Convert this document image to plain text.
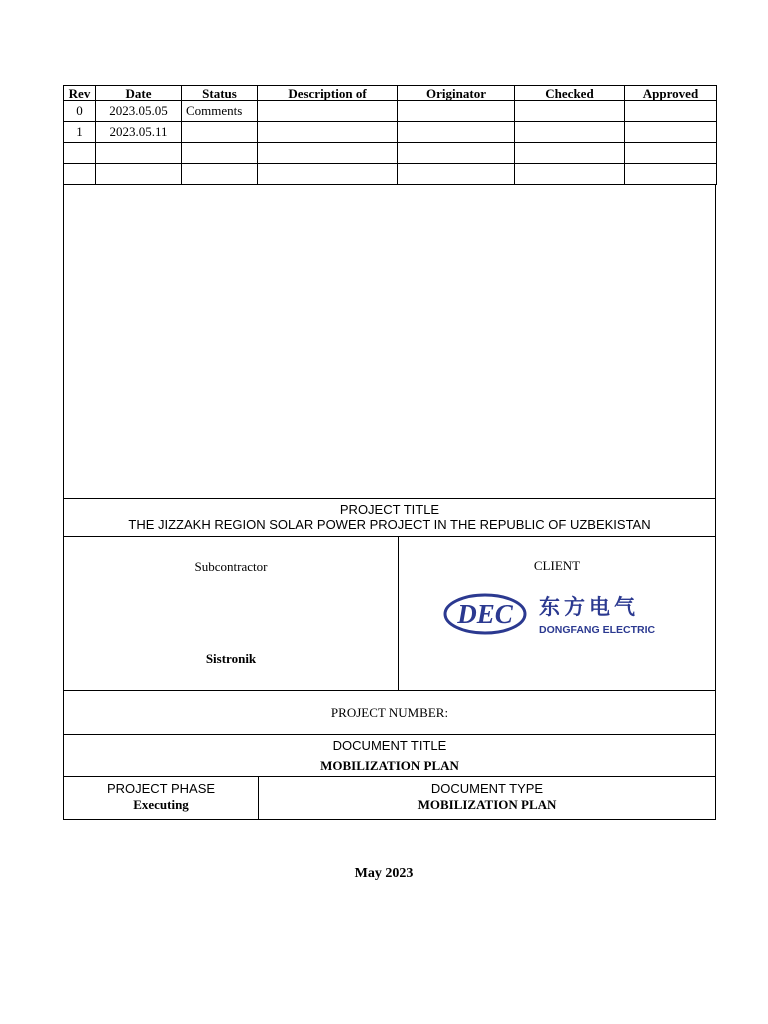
Rev	Date	Status	Description of	Originator	Checked	Approved
0	2023.05.05	Comments				
1	2023.05.11					

PROJECT TITLE
THE JIZZAKH REGION SOLAR POWER PROJECT IN THE REPUBLIC OF UZBEKISTAN
Subcontractor
Sistronik
CLIENT
DEC 东方电气
DONGFANG ELECTRIC
PROJECT NUMBER:
DOCUMENT TITLE
MOBILIZATION PLAN
PROJECT PHASE
Executing
DOCUMENT TYPE
MOBILIZATION PLAN
May 2023
